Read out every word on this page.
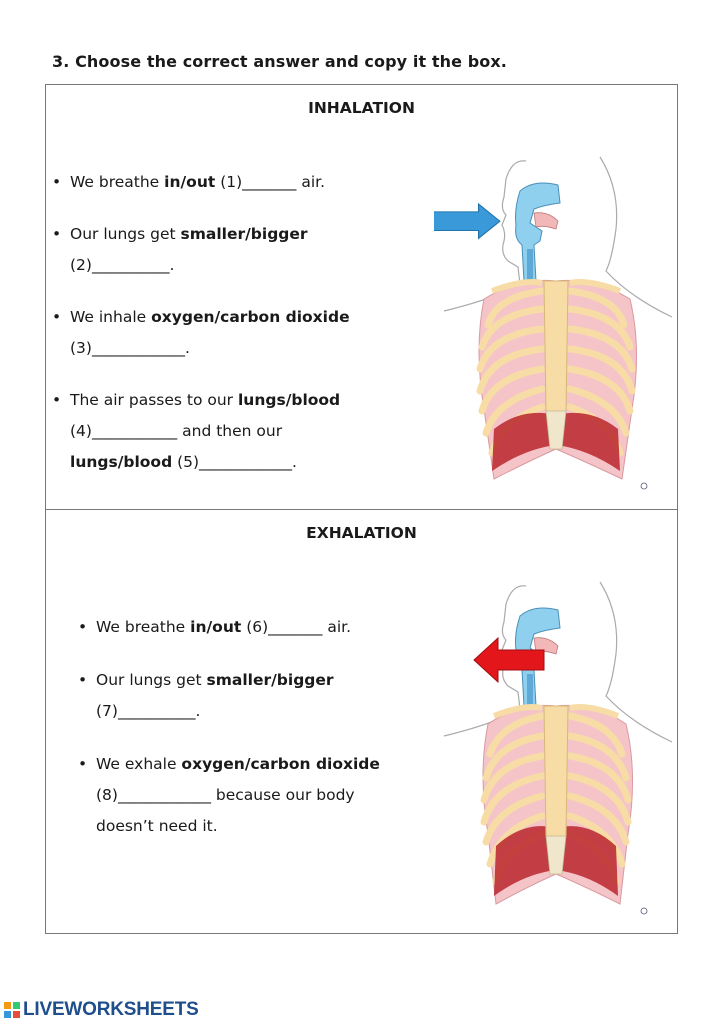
3. Choose the correct answer and copy it the box.

INHALATION
• We breathe in/out (1)_______ air.
• Our lungs get smaller/bigger
(2)__________.
• We inhale oxygen/carbon dioxide
(3)____________.
• The air passes to our lungs/blood
(4)___________ and then our
lungs/blood (5)____________.
EXHALATION
• We breathe in/out (6)_______ air.
• Our lungs get smaller/bigger
(7)__________.
• We exhale oxygen/carbon dioxide
(8)____________ because our body
doesn’t need it.
LIVEWORKSHEETS
